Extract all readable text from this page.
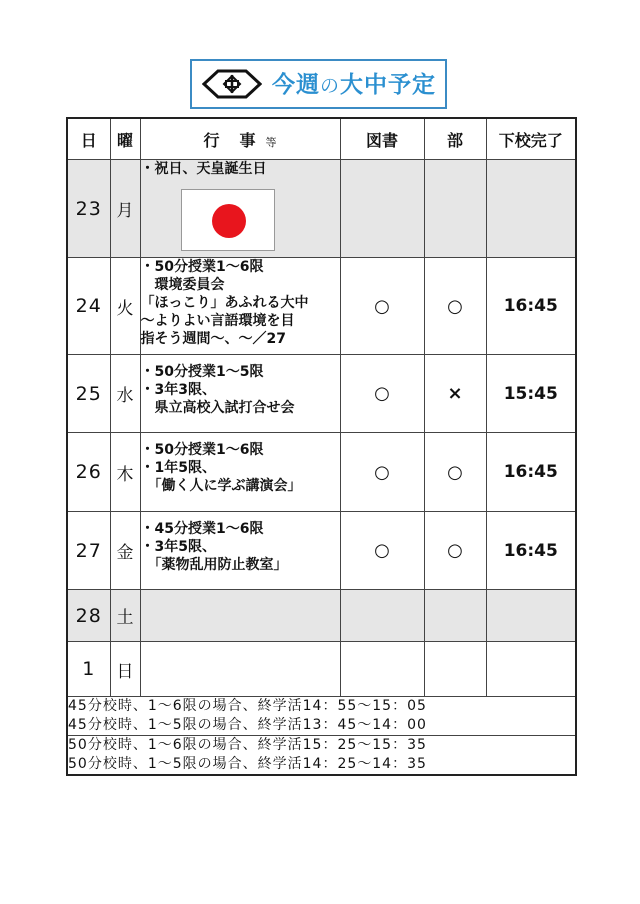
今週の大中予定
日	曜	行　事 等	図書	部	下校完了
23	月	・祝日、天皇誕生日			

24	火	・50分授業1～6限
　環境委員会
「ほっこり」あふれる大中
～よりよい言語環境を目
指そう週間～、～／27	○	○	16:45
25	水	・50分授業1～5限
・3年3限、
　県立高校入試打合せ会	○	×	15:45
26	木	・50分授業1～6限
・1年5限、
　「働く人に学ぶ講演会」	○	○	16:45
27	金	・45分授業1～6限
・3年5限、
　「薬物乱用防止教室」	○	○	16:45
28	土				
1	日				

45分校時、1～6限の場合、終学活14：55～15：05
45分校時、1～5限の場合、終学活13：45～14：00					

50分校時、1～6限の場合、終学活15：25～15：35
50分校時、1～5限の場合、終学活14：25～14：35					
